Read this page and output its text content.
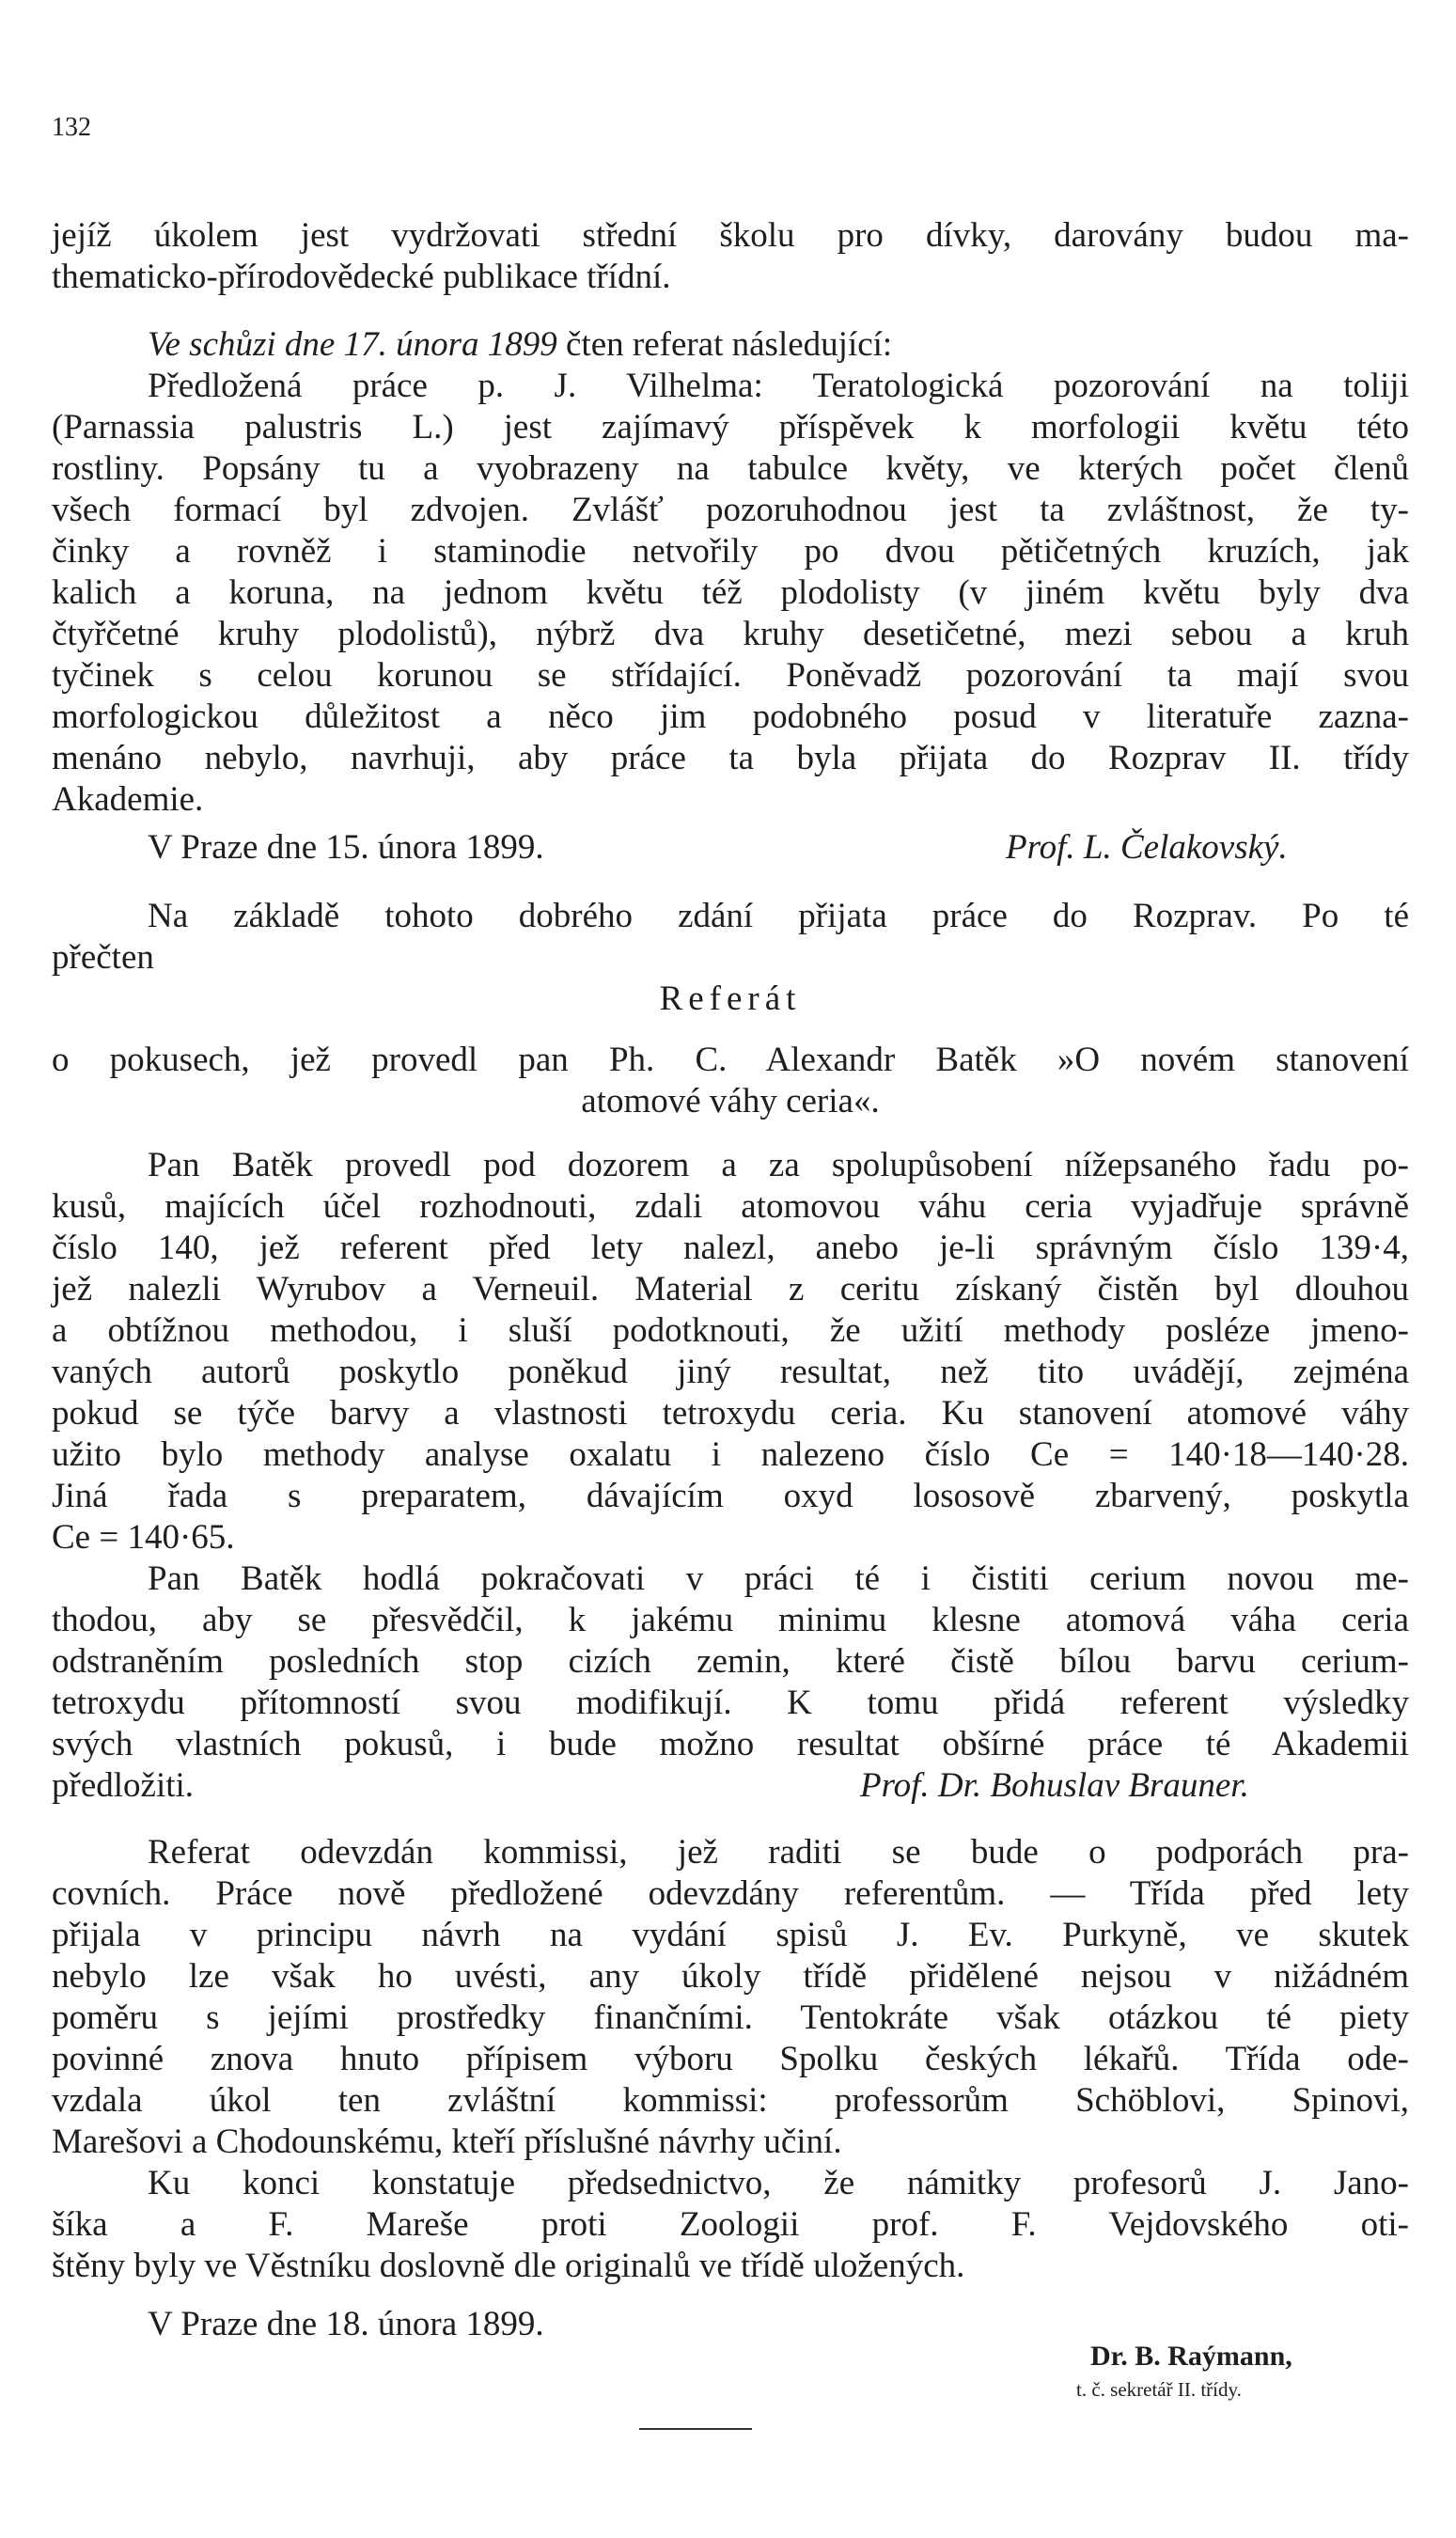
132
jejíž úkolem jest vydržovati střední školu pro dívky, darovány budou ma-
thematicko-přírodovědecké publikace třídní.
Ve schůzi dne 17. února 1899 čten referat následující:
Předložená práce p. J. Vilhelma: Teratologická pozorování na toliji
(Parnassia palustris L.) jest zajímavý příspěvek k morfologii květu této
rostliny. Popsány tu a vyobrazeny na tabulce květy, ve kterých počet členů
všech formací byl zdvojen. Zvlášť pozoruhodnou jest ta zvláštnost, že ty-
činky a rovněž i staminodie netvořily po dvou pětičetných kruzích, jak
kalich a koruna, na jednom květu též plodolisty (v jiném květu byly dva
čtyřčetné kruhy plodolistů), nýbrž dva kruhy desetičetné, mezi sebou a kruh
tyčinek s celou korunou se střídající. Poněvadž pozorování ta mají svou
morfologickou důležitost a něco jim podobného posud v literatuře zazna-
menáno nebylo, navrhuji, aby práce ta byla přijata do Rozprav II. třídy
Akademie.
V Praze dne 15. února 1899.	Prof. L. Čelakovský.
Na základě tohoto dobrého zdání přijata práce do Rozprav. Po té
přečten
Referát
o pokusech, jež provedl pan Ph. C. Alexandr Batěk »O novém stanovení
atomové váhy ceria«.
Pan Batěk provedl pod dozorem a za spolupůsobení nížepsaného řadu po-
kusů, majících účel rozhodnouti, zdali atomovou váhu ceria vyjadřuje správně
číslo 140, jež referent před lety nalezl, anebo je-li správným číslo 139·4,
jež nalezli Wyrubov a Verneuil. Material z ceritu získaný čistěn byl dlouhou
a obtížnou methodou, i sluší podotknouti, že užití methody posléze jmeno-
vaných autorů poskytlo poněkud jiný resultat, než tito uvádějí, zejména
pokud se týče barvy a vlastnosti tetroxydu ceria. Ku stanovení atomové váhy
užito bylo methody analyse oxalatu i nalezeno číslo Ce = 140·18—140·28.
Jiná řada s preparatem, dávajícím oxyd lososově zbarvený, poskytla
Ce = 140·65.
Pan Batěk hodlá pokračovati v práci té i čistiti cerium novou me-
thodou, aby se přesvědčil, k jakému minimu klesne atomová váha ceria
odstraněním posledních stop cizích zemin, které čistě bílou barvu cerium-
tetroxydu přítomností svou modifikují. K tomu přidá referent výsledky
svých vlastních pokusů, i bude možno resultat obšírné práce té Akademii
předložiti.	Prof. Dr. Bohuslav Brauner.
Referat odevzdán kommissi, jež raditi se bude o podporách pra-
covních. Práce nově předložené odevzdány referentům. — Třída před lety
přijala v principu návrh na vydání spisů J. Ev. Purkyně, ve skutek
nebylo lze však ho uvésti, any úkoly třídě přidělené nejsou v nižádném
poměru s jejími prostředky finančními. Tentokráte však otázkou té piety
povinné znova hnuto přípisem výboru Spolku českých lékařů. Třída ode-
vzdala úkol ten zvláštní kommissi: professorům Schöblovi, Spinovi,
Marešovi a Chodounskému, kteří příslušné návrhy učiní.
Ku konci konstatuje předsednictvo, že námitky profesorů J. Jano-
šíka a F. Mareše proti Zoologii prof. F. Vejdovského oti-
štěny byly ve Věstníku doslovně dle originalů ve třídě uložených.
V Praze dne 18. února 1899.
Dr. B. Raýmann,
t. č. sekretář II. třídy.
